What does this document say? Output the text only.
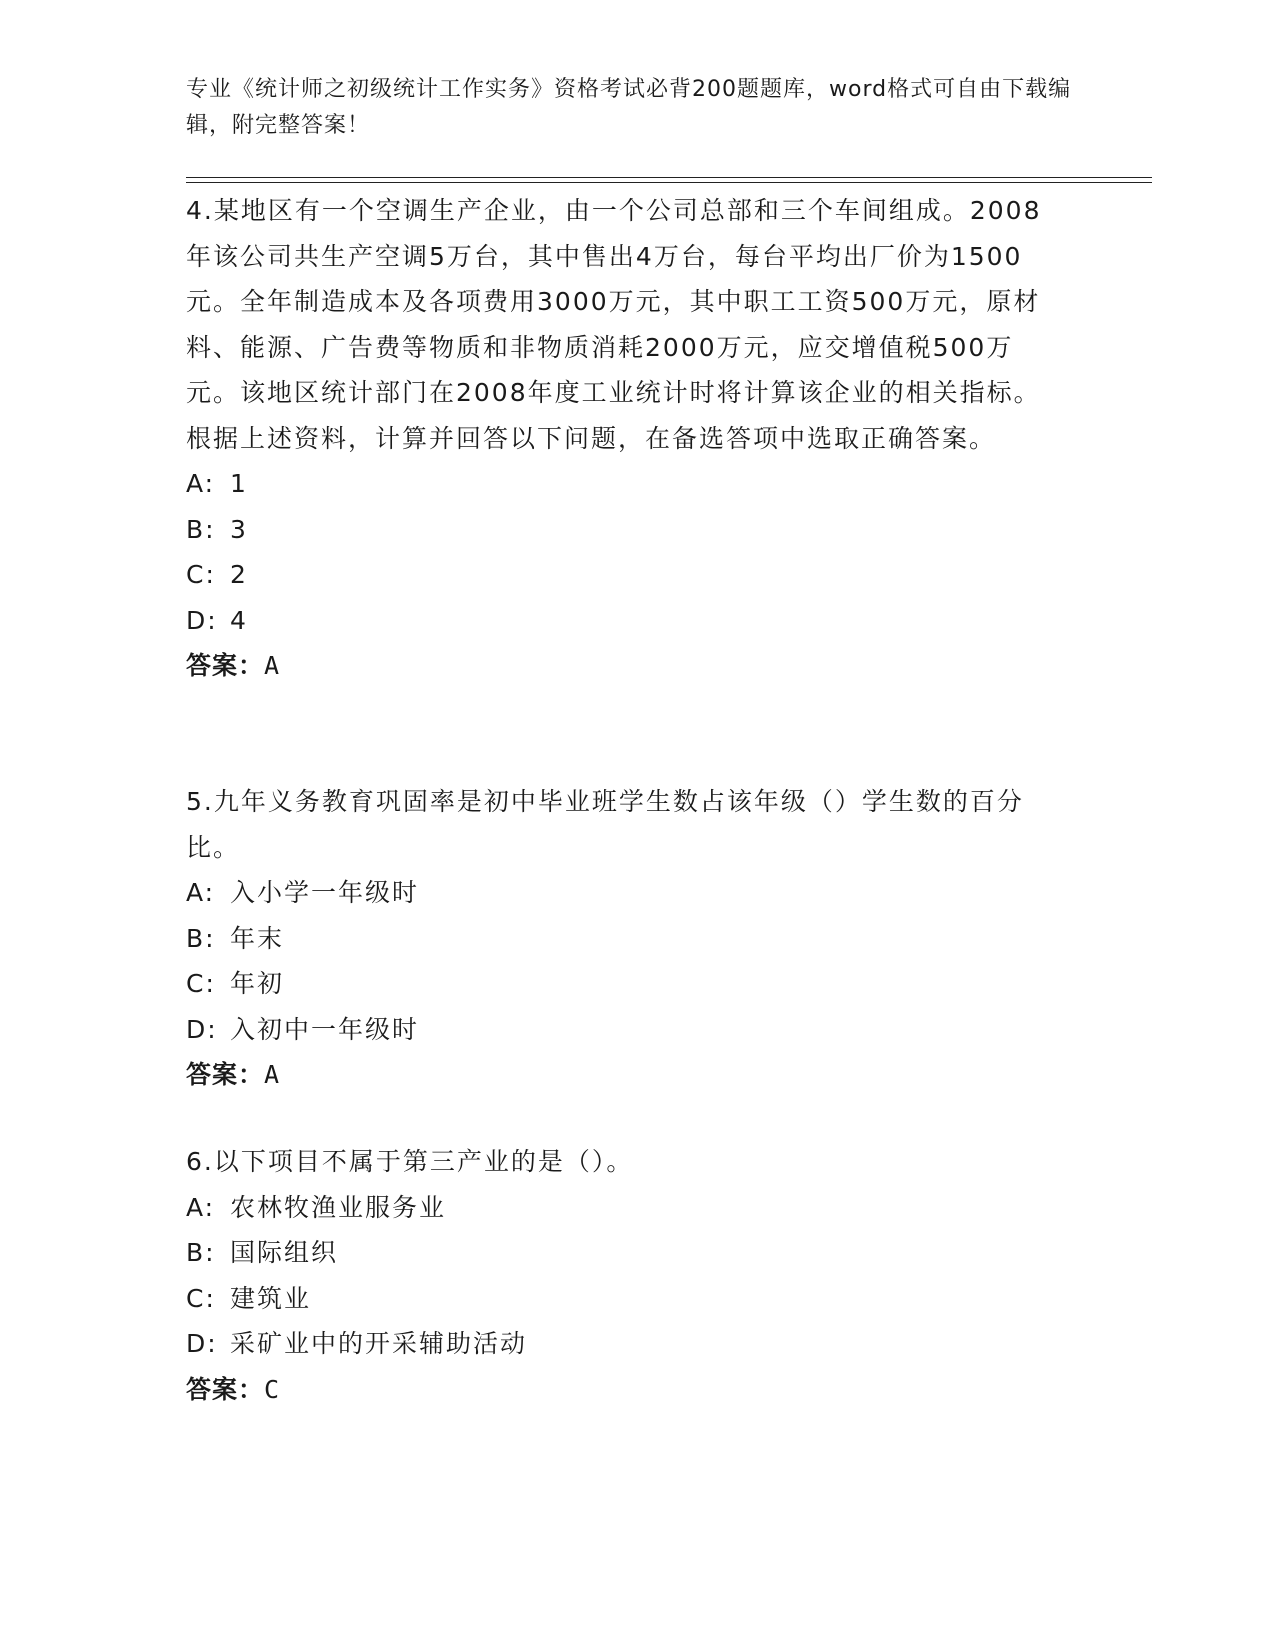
专业《统计师之初级统计工作实务》资格考试必背200题题库，word格式可自由下载编辑，附完整答案！

4.某地区有一个空调生产企业，由一个公司总部和三个车间组成。2008年该公司共生产空调5万台，其中售出4万台，每台平均出厂价为1500元。全年制造成本及各项费用3000万元，其中职工工资500万元，原材料、能源、广告费等物质和非物质消耗2000万元，应交增值税500万元。该地区统计部门在2008年度工业统计时将计算该企业的相关指标。根据上述资料，计算并回答以下问题，在备选答项中选取正确答案。

A: 1

B: 3

C: 2

D: 4

答案：A

5.九年义务教育巩固率是初中毕业班学生数占该年级（）学生数的百分比。

A: 入小学一年级时

B: 年末

C: 年初

D: 入初中一年级时

答案：A

6.以下项目不属于第三产业的是（）。

A: 农林牧渔业服务业

B: 国际组织

C: 建筑业

D: 采矿业中的开采辅助活动

答案：C
